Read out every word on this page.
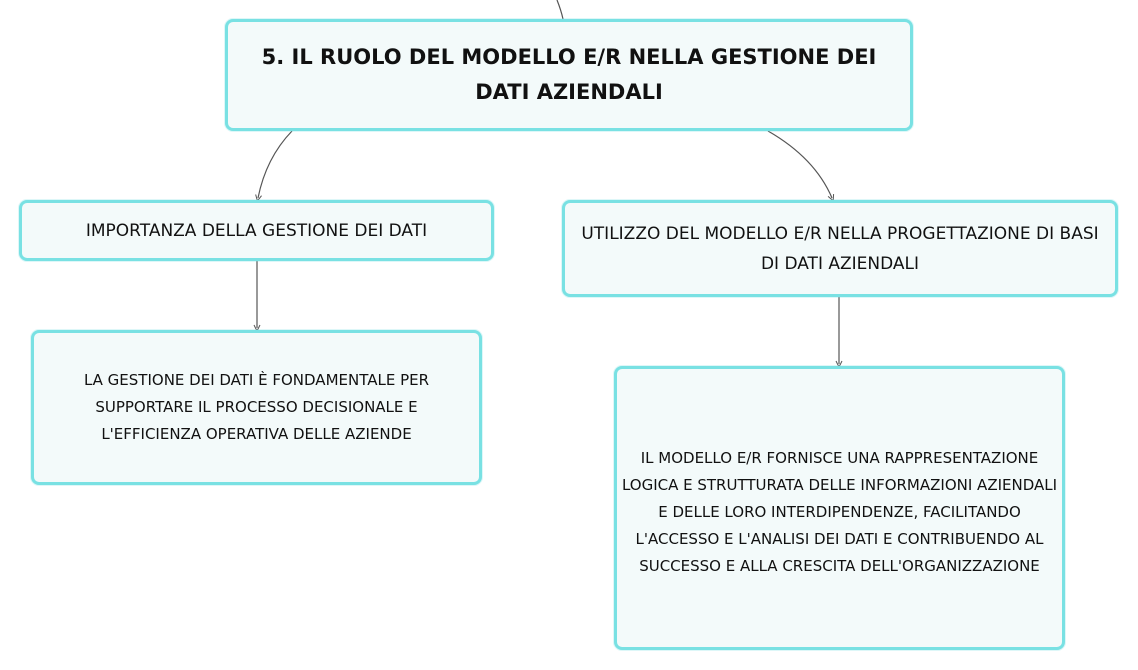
5. IL RUOLO DEL MODELLO E/R NELLA GESTIONE DEI DATI AZIENDALI
IMPORTANZA DELLA GESTIONE DEI DATI	UTILIZZO DEL MODELLO E/R NELLA PROGETTAZIONE DI BASI DI DATI AZIENDALI
LA GESTIONE DEI DATI È FONDAMENTALE PER SUPPORTARE IL PROCESSO DECISIONALE E L'EFFICIENZA OPERATIVA DELLE AZIENDE
IL MODELLO E/R FORNISCE UNA RAPPRESENTAZIONE LOGICA E STRUTTURATA DELLE INFORMAZIONI AZIENDALI E DELLE LORO INTERDIPENDENZE, FACILITANDO L'ACCESSO E L'ANALISI DEI DATI E CONTRIBUENDO AL SUCCESSO E ALLA CRESCITA DELL'ORGANIZZAZIONE
